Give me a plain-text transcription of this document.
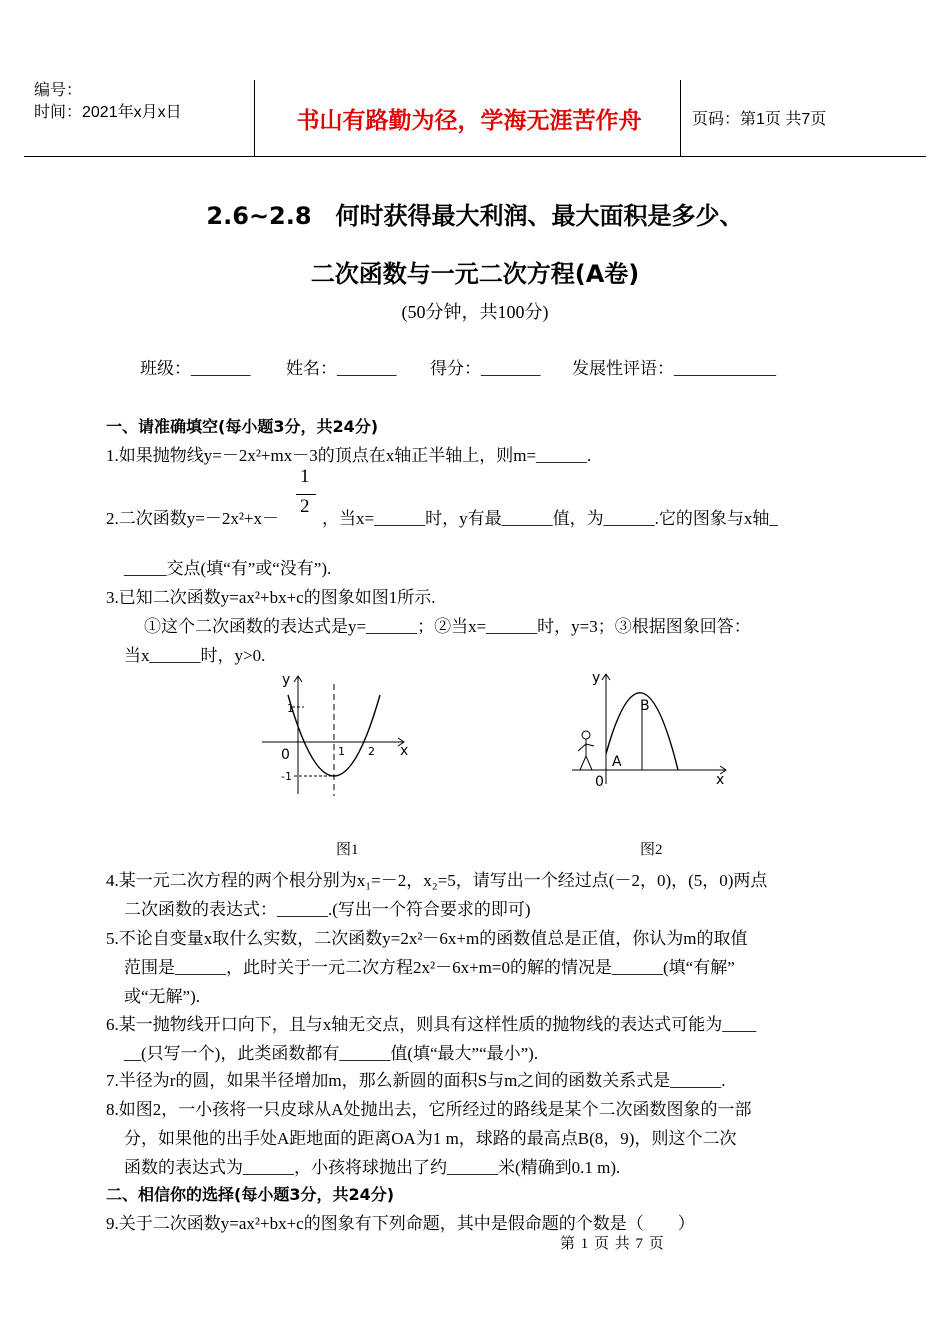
编号：
时间：2021年x月x日	书山有路勤为径，学海无涯苦作舟	页码：第1页 共7页
2.6~2.8　何时获得最大利润、最大面积是多少、
二次函数与一元二次方程(A卷)
(50分钟，共100分)
班级：_______ 姓名：_______ 得分：_______ 发展性评语：____________
一、请准确填空(每小题3分，共24分)
1.如果抛物线y=－2x²+mx－3的顶点在x轴正半轴上，则m=______.
2.二次函数y=－2x²+x－
1
2
，当x=______时，y有最______值，为______.它的图象与x轴_
_____交点(填“有”或“没有”).
3.已知二次函数y=ax²+bx+c的图象如图1所示.
①这个二次函数的表达式是y=______；②当x=______时，y=3；③根据图象回答：
当x______时，y>0.
y
x
0
1
1 2
-1
图1
y
x
0
A
B
图2
4.某一元二次方程的两个根分别为x₁=－2，x₂=5，请写出一个经过点(－2，0)，(5，0)两点
二次函数的表达式：______.(写出一个符合要求的即可)
5.不论自变量x取什么实数，二次函数y=2x²－6x+m的函数值总是正值，你认为m的取值
范围是______，此时关于一元二次方程2x²－6x+m=0的解的情况是______(填“有解”
或“无解”).
6.某一抛物线开口向下，且与x轴无交点，则具有这样性质的抛物线的表达式可能为____
__(只写一个)，此类函数都有______值(填“最大”“最小”).
7.半径为r的圆，如果半径增加m，那么新圆的面积S与m之间的函数关系式是______.
8.如图2，一小孩将一只皮球从A处抛出去，它所经过的路线是某个二次函数图象的一部
分，如果他的出手处A距地面的距离OA为1 m，球路的最高点B(8，9)，则这个二次
函数的表达式为______，小孩将球抛出了约______米(精确到0.1 m).
二、相信你的选择(每小题3分，共24分)
9.关于二次函数y=ax²+bx+c的图象有下列命题，其中是假命题的个数是（　　）
第 1 页 共 7 页
